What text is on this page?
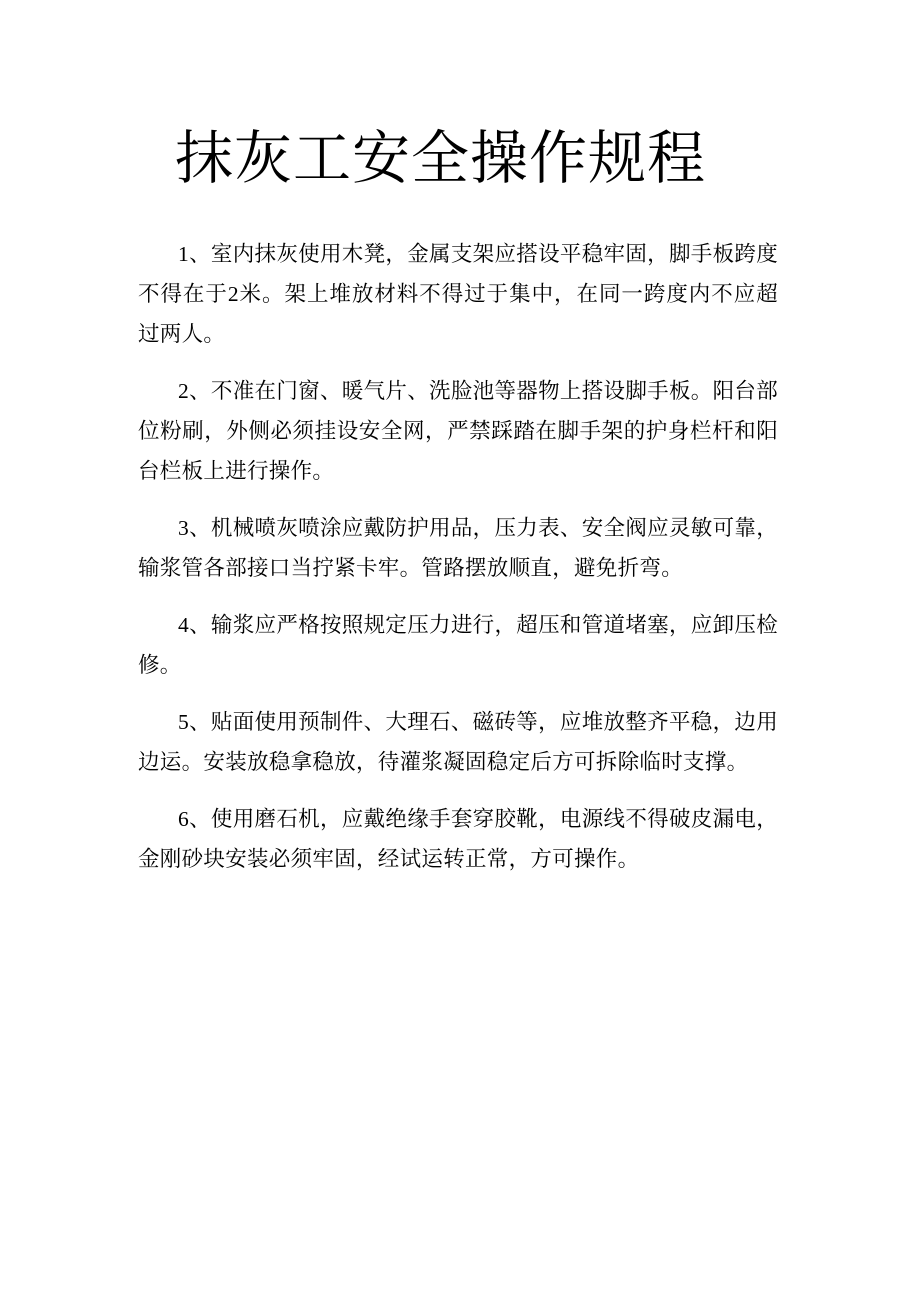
抹灰工安全操作规程

1、室内抹灰使用木凳，金属支架应搭设平稳牢固，脚手板跨度不得在于2米。架上堆放材料不得过于集中，在同一跨度内不应超过两人。

2、不准在门窗、暖气片、洗脸池等器物上搭设脚手板。阳台部位粉刷，外侧必须挂设安全网，严禁踩踏在脚手架的护身栏杆和阳台栏板上进行操作。

3、机械喷灰喷涂应戴防护用品，压力表、安全阀应灵敏可靠，输浆管各部接口当拧紧卡牢。管路摆放顺直，避免折弯。

4、输浆应严格按照规定压力进行，超压和管道堵塞，应卸压检修。

5、贴面使用预制件、大理石、磁砖等，应堆放整齐平稳，边用边运。安装放稳拿稳放，待灌浆凝固稳定后方可拆除临时支撑。

6、使用磨石机，应戴绝缘手套穿胶靴，电源线不得破皮漏电，金刚砂块安装必须牢固，经试运转正常，方可操作。
